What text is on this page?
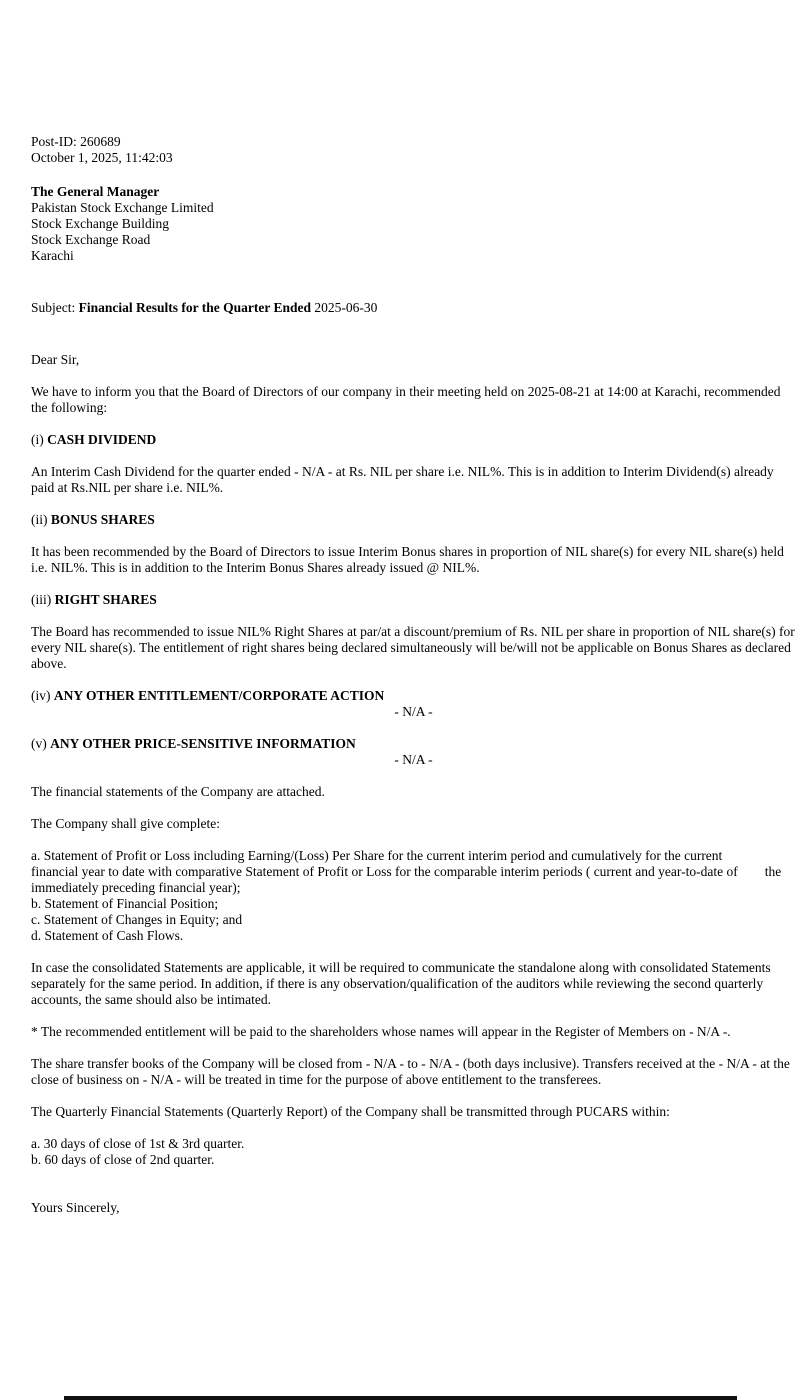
Post-ID: 260689
October 1, 2025, 11:42:03
The General Manager
Pakistan Stock Exchange Limited
Stock Exchange Building
Stock Exchange Road
Karachi

Subject: Financial Results for the Quarter Ended 2025-06-30

Dear Sir,

We have to inform you that the Board of Directors of our company in their meeting held on 2025-08-21 at 14:00 at Karachi, recommended the following:

(i) CASH DIVIDEND

An Interim Cash Dividend for the quarter ended - N/A - at Rs. NIL per share i.e. NIL%. This is in addition to Interim Dividend(s) already paid at Rs.NIL per share i.e. NIL%.

(ii) BONUS SHARES

It has been recommended by the Board of Directors to issue Interim Bonus shares in proportion of NIL share(s) for every NIL share(s) held i.e. NIL%. This is in addition to the Interim Bonus Shares already issued @ NIL%.

(iii) RIGHT SHARES

The Board has recommended to issue NIL% Right Shares at par/at a discount/premium of Rs. NIL per share in proportion of NIL share(s) for every NIL share(s). The entitlement of right shares being declared simultaneously will be/will not be applicable on Bonus Shares as declared above.

(iv) ANY OTHER ENTITLEMENT/CORPORATE ACTION

- N/A -

(v) ANY OTHER PRICE-SENSITIVE INFORMATION

- N/A -

The financial statements of the Company are attached.

The Company shall give complete:

a. Statement of Profit or Loss including Earning/(Loss) Per Share for the current interim period and cumulatively for the current              financial year to date with comparative Statement of Profit or Loss for the comparable interim periods ( current and year-to-date of        the immediately preceding financial year);
b. Statement of Financial Position;
c. Statement of Changes in Equity; and
d. Statement of Cash Flows.

In case the consolidated Statements are applicable, it will be required to communicate the standalone along with consolidated Statements separately for the same period. In addition, if there is any observation/qualification of the auditors while reviewing the second quarterly accounts, the same should also be intimated.

* The recommended entitlement will be paid to the shareholders whose names will appear in the Register of Members on - N/A -.

The share transfer books of the Company will be closed from - N/A - to - N/A - (both days inclusive). Transfers received at the - N/A - at the close of business on - N/A - will be treated in time for the purpose of above entitlement to the transferees.

The Quarterly Financial Statements (Quarterly Report) of the Company shall be transmitted through PUCARS within:

a. 30 days of close of 1st & 3rd quarter.
b. 60 days of close of 2nd quarter.

Yours Sincerely,
